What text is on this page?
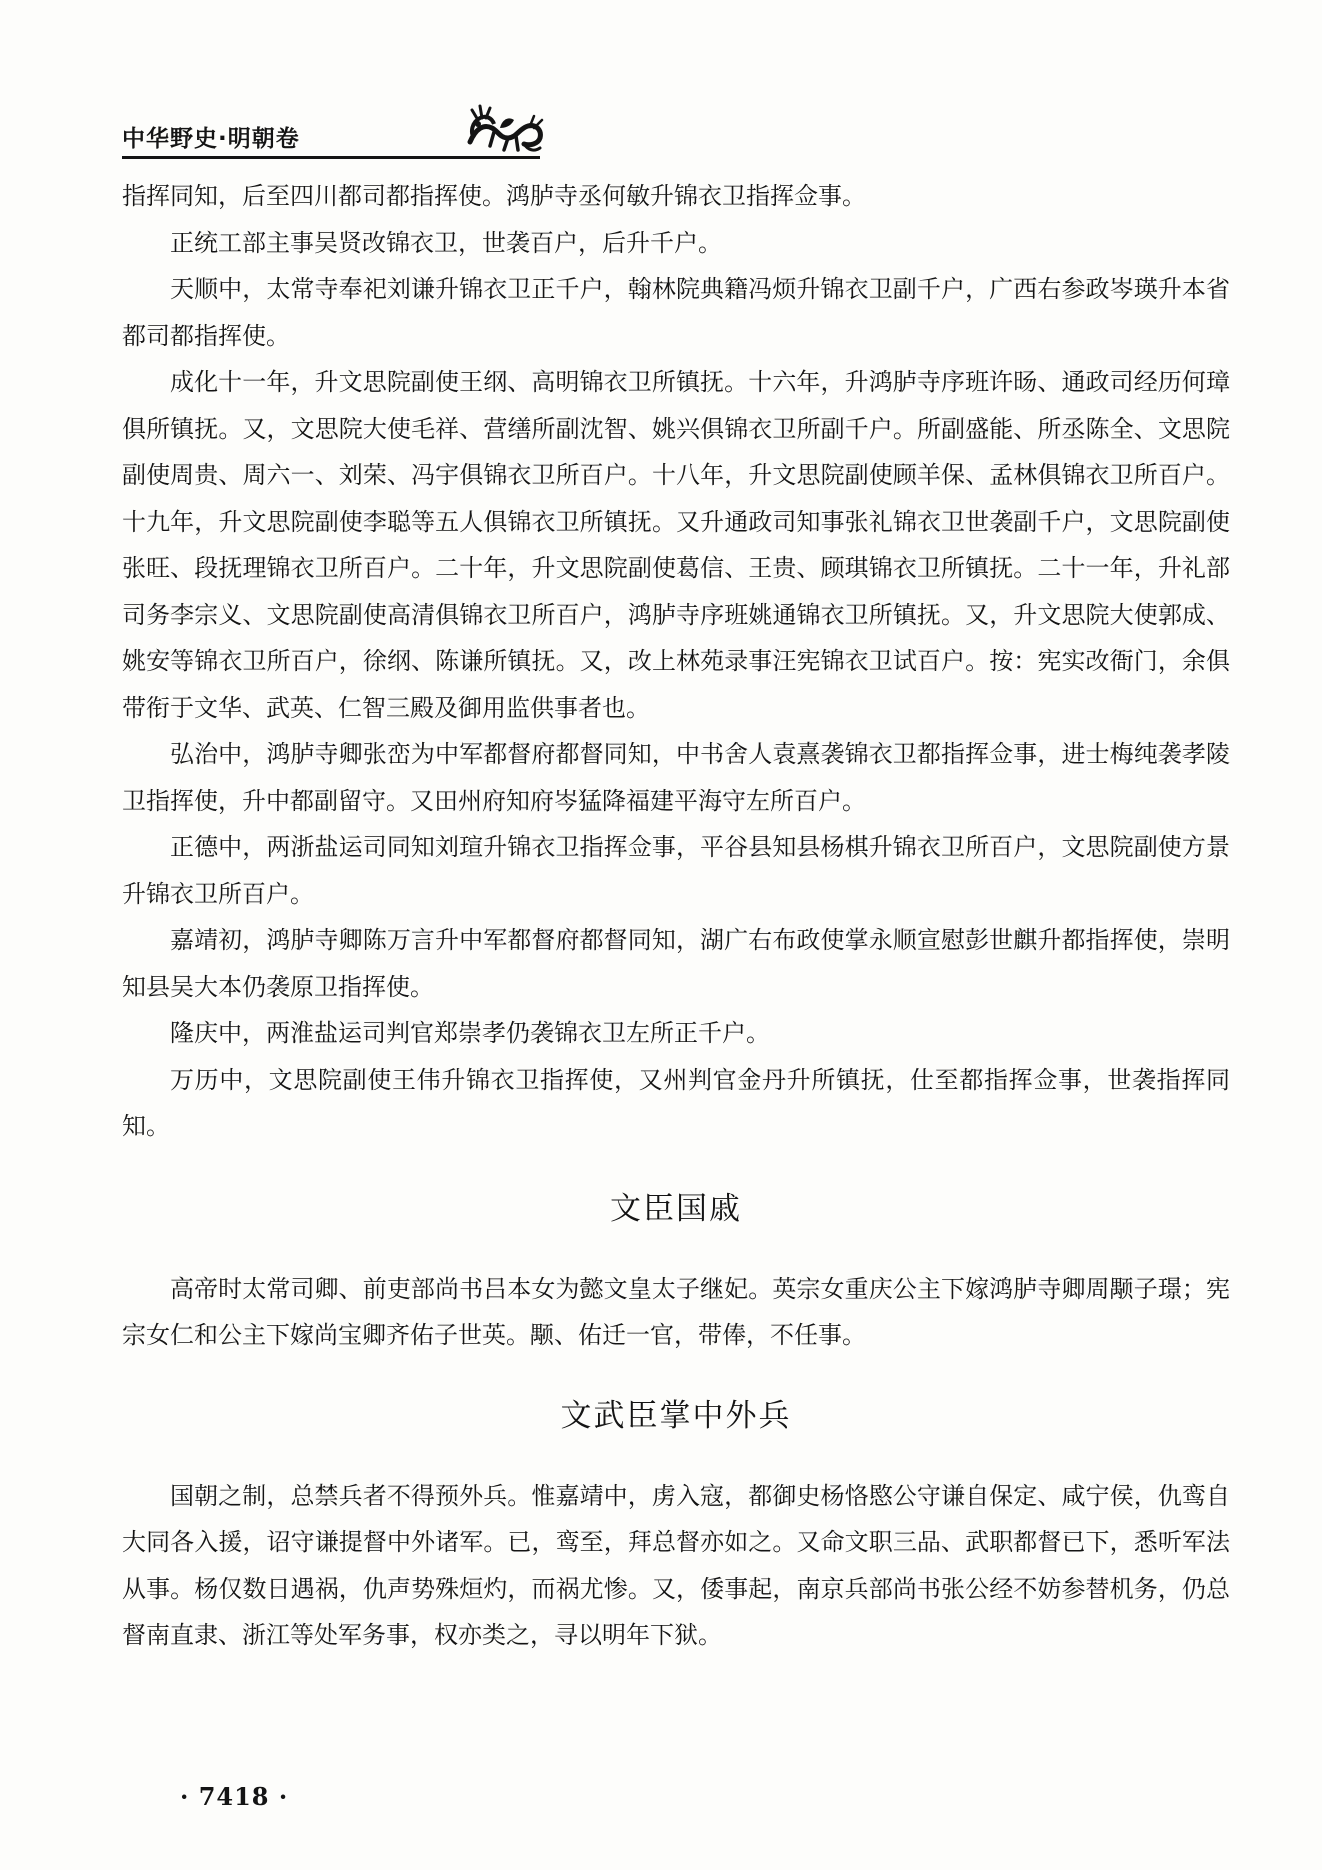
中华野史·明朝卷

指挥同知，后至四川都司都指挥使。鸿胪寺丞何敏升锦衣卫指挥佥事。

正统工部主事吴贤改锦衣卫，世袭百户，后升千户。

天顺中，太常寺奉祀刘谦升锦衣卫正千户，翰林院典籍冯烦升锦衣卫副千户，广西右参政岑瑛升本省都司都指挥使。

成化十一年，升文思院副使王纲、高明锦衣卫所镇抚。十六年，升鸿胪寺序班许旸、通政司经历何璋俱所镇抚。又，文思院大使毛祥、营缮所副沈智、姚兴俱锦衣卫所副千户。所副盛能、所丞陈全、文思院副使周贵、周六一、刘荣、冯宇俱锦衣卫所百户。十八年，升文思院副使顾羊保、孟林俱锦衣卫所百户。十九年，升文思院副使李聪等五人俱锦衣卫所镇抚。又升通政司知事张礼锦衣卫世袭副千户，文思院副使张旺、段抚理锦衣卫所百户。二十年，升文思院副使葛信、王贵、顾琪锦衣卫所镇抚。二十一年，升礼部司务李宗义、文思院副使高清俱锦衣卫所百户，鸿胪寺序班姚通锦衣卫所镇抚。又，升文思院大使郭成、姚安等锦衣卫所百户，徐纲、陈谦所镇抚。又，改上林苑录事汪宪锦衣卫试百户。按：宪实改衙门，余俱带衔于文华、武英、仁智三殿及御用监供事者也。

弘治中，鸿胪寺卿张峦为中军都督府都督同知，中书舍人袁熹袭锦衣卫都指挥佥事，进士梅纯袭孝陵卫指挥使，升中都副留守。又田州府知府岑猛降福建平海守左所百户。

正德中，两浙盐运司同知刘瑄升锦衣卫指挥佥事，平谷县知县杨棋升锦衣卫所百户，文思院副使方景升锦衣卫所百户。

嘉靖初，鸿胪寺卿陈万言升中军都督府都督同知，湖广右布政使掌永顺宣慰彭世麒升都指挥使，崇明知县吴大本仍袭原卫指挥使。

隆庆中，两淮盐运司判官郑崇孝仍袭锦衣卫左所正千户。

万历中，文思院副使王伟升锦衣卫指挥使，又州判官金丹升所镇抚，仕至都指挥佥事，世袭指挥同知。

文臣国戚

高帝时太常司卿、前吏部尚书吕本女为懿文皇太子继妃。英宗女重庆公主下嫁鸿胪寺卿周颙子璟；宪宗女仁和公主下嫁尚宝卿齐佑子世英。颙、佑迁一官，带俸，不任事。

文武臣掌中外兵

国朝之制，总禁兵者不得预外兵。惟嘉靖中，虏入寇，都御史杨恪愍公守谦自保定、咸宁侯，仇鸾自大同各入援，诏守谦提督中外诸军。已，鸾至，拜总督亦如之。又命文职三品、武职都督已下，悉听军法从事。杨仅数日遇祸，仇声势殊烜灼，而祸尤惨。又，倭事起，南京兵部尚书张公经不妨参替机务，仍总督南直隶、浙江等处军务事，权亦类之，寻以明年下狱。

· 7418 ·
